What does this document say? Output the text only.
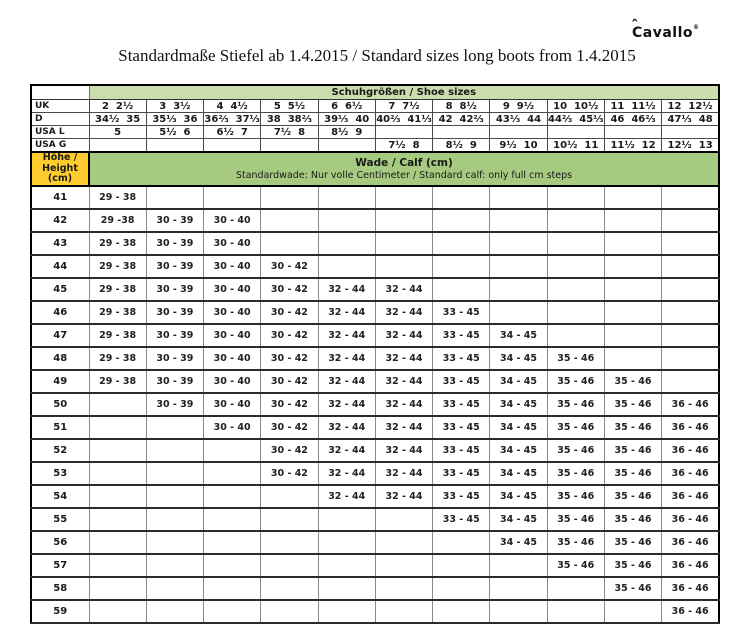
ˆ Cavallo®
Standardmaße Stiefel ab 1.4.2015 / Standard sizes long boots from 1.4.2015
	Schuhgrößen / Shoe sizes										
UK	2  2½	3  3½	4  4½	5  5½	6  6½	7  7½	8  8½	9  9½	10  10½	11  11½	12  12½
D	34½  35	35⅓  36	36⅔  37⅓	38  38⅔	39⅓  40	40⅔  41⅓	42  42⅔	43⅓  44	44⅔  45⅓	46  46⅔	47⅓  48
USA L	5	5½  6	6½  7	7½  8	8½  9						
USA G						7½  8	8½  9	9½  10	10½  11	11½  12	12½  13

Höhe /
Height
(cm)

Wade / Calf (cm)
Standardwade: Nur volle Centimeter / Standard calf: only full cm steps

41	29 - 38										
42	29 -38	30 - 39	30 - 40								
43	29 - 38	30 - 39	30 - 40								
44	29 - 38	30 - 39	30 - 40	30 - 42							
45	29 - 38	30 - 39	30 - 40	30 - 42	32 - 44	32 - 44					
46	29 - 38	30 - 39	30 - 40	30 - 42	32 - 44	32 - 44	33 - 45				
47	29 - 38	30 - 39	30 - 40	30 - 42	32 - 44	32 - 44	33 - 45	34 - 45			
48	29 - 38	30 - 39	30 - 40	30 - 42	32 - 44	32 - 44	33 - 45	34 - 45	35 - 46		
49	29 - 38	30 - 39	30 - 40	30 - 42	32 - 44	32 - 44	33 - 45	34 - 45	35 - 46	35 - 46	
50		30 - 39	30 - 40	30 - 42	32 - 44	32 - 44	33 - 45	34 - 45	35 - 46	35 - 46	36 - 46
51			30 - 40	30 - 42	32 - 44	32 - 44	33 - 45	34 - 45	35 - 46	35 - 46	36 - 46
52				30 - 42	32 - 44	32 - 44	33 - 45	34 - 45	35 - 46	35 - 46	36 - 46
53				30 - 42	32 - 44	32 - 44	33 - 45	34 - 45	35 - 46	35 - 46	36 - 46
54					32 - 44	32 - 44	33 - 45	34 - 45	35 - 46	35 - 46	36 - 46
55							33 - 45	34 - 45	35 - 46	35 - 46	36 - 46
56								34 - 45	35 - 46	35 - 46	36 - 46
57									35 - 46	35 - 46	36 - 46
58										35 - 46	36 - 46
59											36 - 46
